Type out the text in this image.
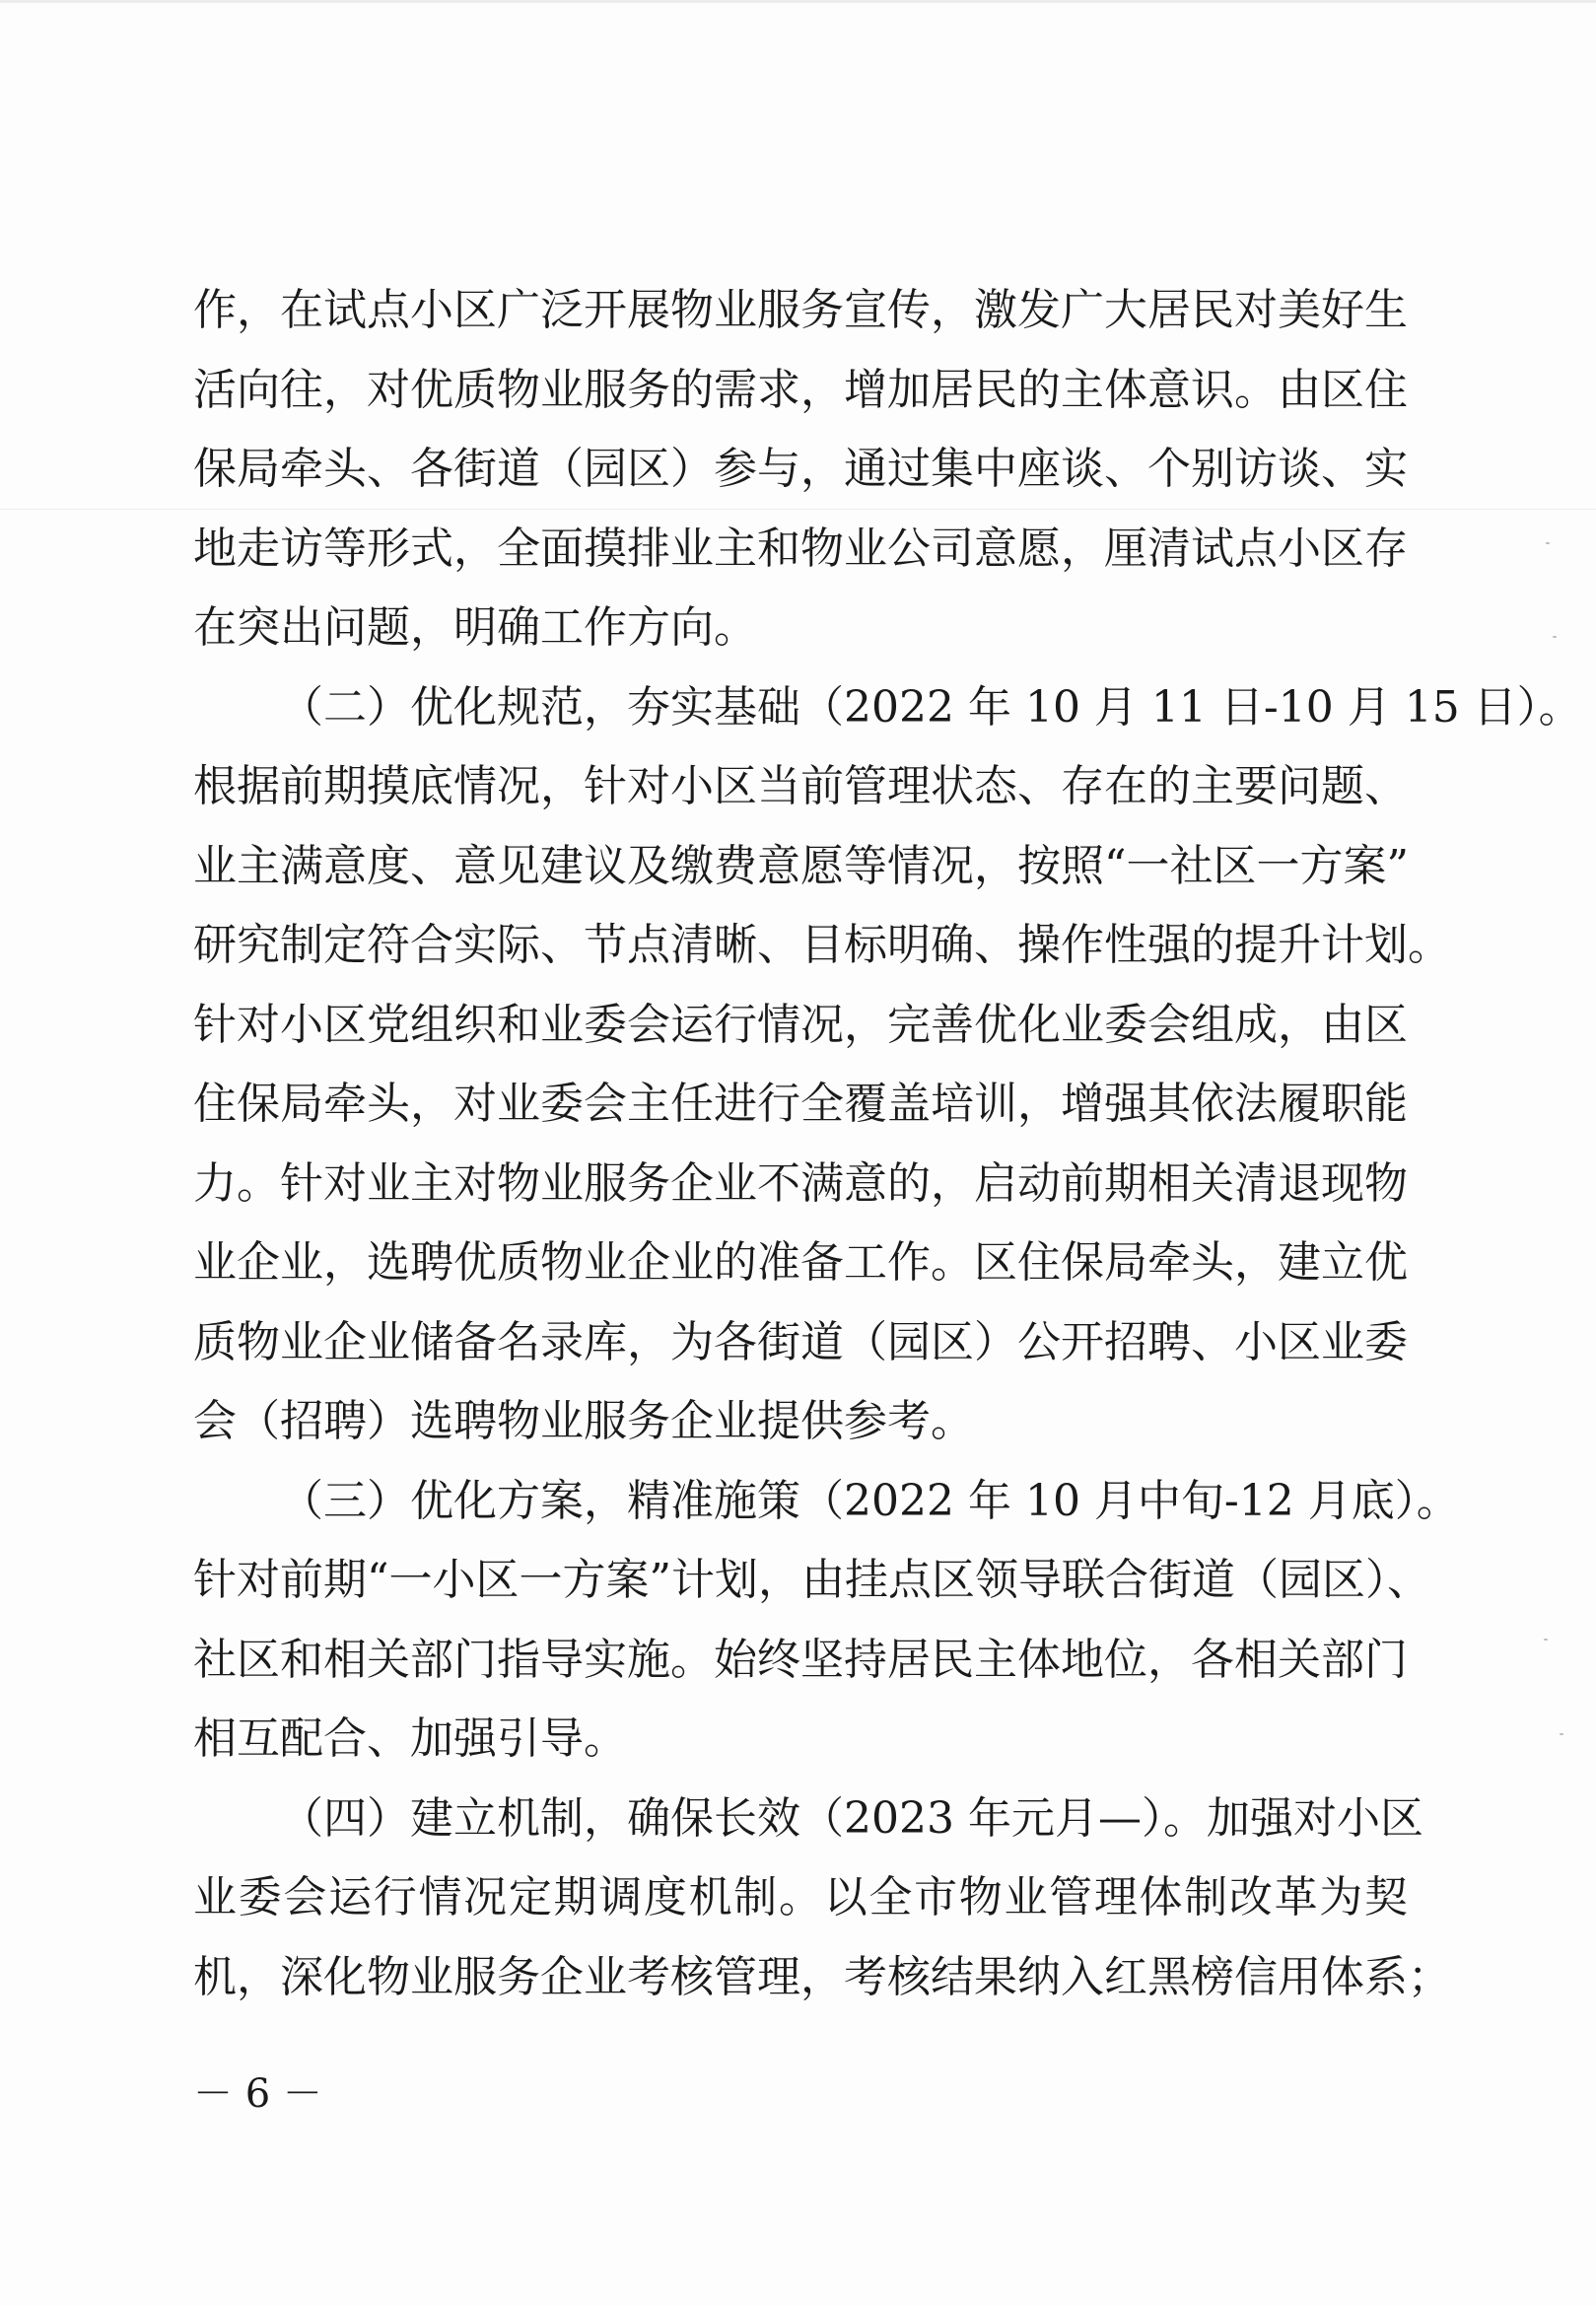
作，在试点小区广泛开展物业服务宣传，激发广大居民对美好生
活向往，对优质物业服务的需求，增加居民的主体意识。由区住
保局牵头、各街道（园区）参与，通过集中座谈、个别访谈、实
地走访等形式，全面摸排业主和物业公司意愿，厘清试点小区存
在突出问题，明确工作方向。
（二）优化规范，夯实基础（2022 年 10 月 11 日-10 月 15 日）。
根据前期摸底情况，针对小区当前管理状态、存在的主要问题、
业主满意度、意见建议及缴费意愿等情况，按照“一社区一方案”
研究制定符合实际、节点清晰、目标明确、操作性强的提升计划。
针对小区党组织和业委会运行情况，完善优化业委会组成，由区
住保局牵头，对业委会主任进行全覆盖培训，增强其依法履职能
力。针对业主对物业服务企业不满意的，启动前期相关清退现物
业企业，选聘优质物业企业的准备工作。区住保局牵头，建立优
质物业企业储备名录库，为各街道（园区）公开招聘、小区业委
会（招聘）选聘物业服务企业提供参考。
（三）优化方案，精准施策（2022 年 10 月中旬-12 月底）。
针对前期“一小区一方案”计划，由挂点区领导联合街道（园区）、
社区和相关部门指导实施。始终坚持居民主体地位，各相关部门
相互配合、加强引导。
（四）建立机制，确保长效（2023 年元月—）。加强对小区
业委会运行情况定期调度机制。以全市物业管理体制改革为契
机，深化物业服务企业考核管理，考核结果纳入红黑榜信用体系；
－ 6 －
